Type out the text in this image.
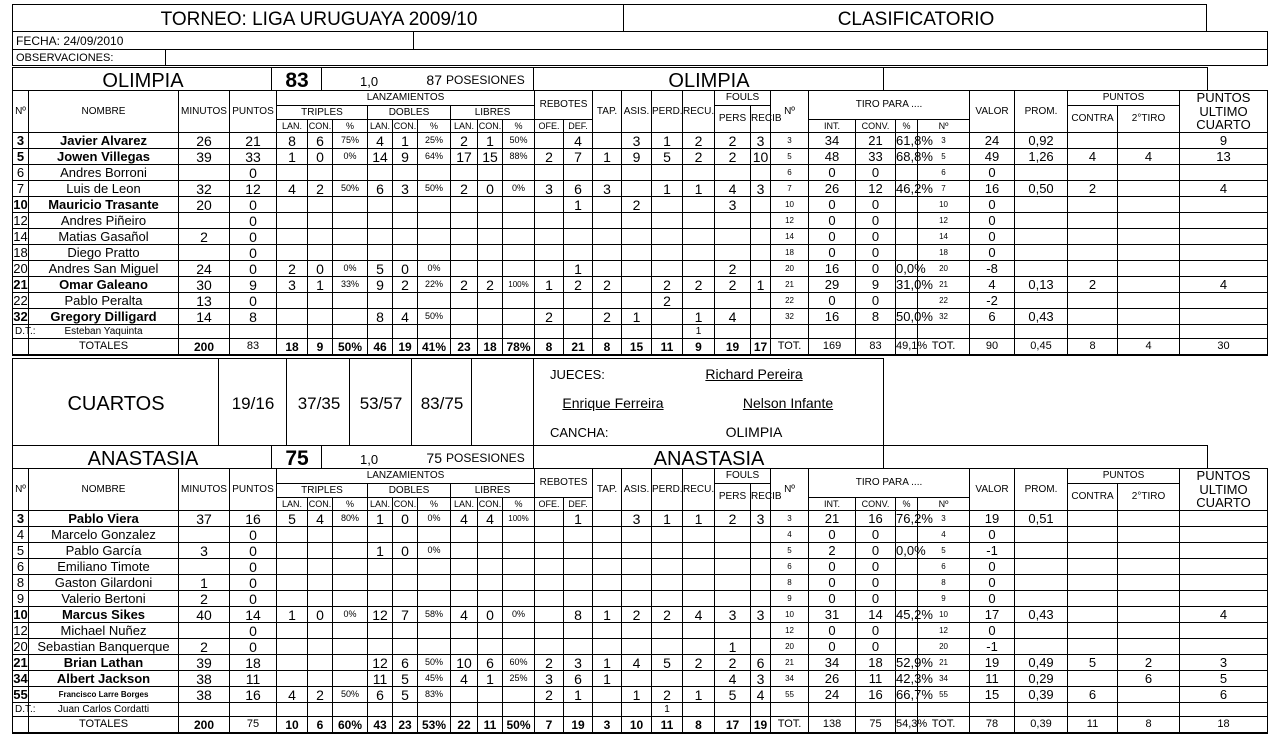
TORNEO: LIGA URUGUAYA 2009/10	CLASIFICATORIO
FECHA: 24/09/2010
OBSERVACIONES:
OLIMPIA	83	1,0	87 POSESIONES	OLIMPIA
Nº	NOMBRE	MINUTOS	PUNTOS	LANZAMIENTOS									REBOTES		TAP.	ASIS.	PERD.	RECU.	FOULS		Nº	TIRO PARA ....				VALOR	PROM.	PUNTOS		PUNTOS
ULTIMO
CUARTO
				TRIPLES			DOBLES			LIBRES									PERS	RECIB								CONTRA	2°TIRO	
				LAN.	CON.	%	LAN.	CON.	%	LAN.	CON.	%	OFE.	DEF.								INT.	CONV.	%	Nº					
3	Javier Alvarez	26	21	8	6	75%	4	1	25%	2	1	50%		4		3	1	2	2	3	3	34	21	61,8%	3	24	0,92			9
5	Jowen Villegas	39	33	1	0	0%	14	9	64%	17	15	88%	2	7	1	9	5	2	2	10	5	48	33	68,8%	5	49	1,26	4	4	13
6	Andres Borroni		0																		6	0	0		6	0				
7	Luis de Leon	32	12	4	2	50%	6	3	50%	2	0	0%	3	6	3		1	1	4	3	7	26	12	46,2%	7	16	0,50	2		4
10	Mauricio Trasante	20	0											1		2			3		10	0	0		10	0				
12	Andres Piñeiro		0																		12	0	0		12	0				
14	Matias Gasañol	2	0																		14	0	0		14	0				
18	Diego Pratto		0																		18	0	0		18	0				
20	Andres San Miguel	24	0	2	0	0%	5	0	0%					1					2		20	16	0	0,0%	20	-8				
21	Omar Galeano	30	9	3	1	33%	9	2	22%	2	2	100%	1	2	2		2	2	2	1	21	29	9	31,0%	21	4	0,13	2		4
22	Pablo Peralta	13	0														2				22	0	0		22	-2				
32	Gregory Dilligard	14	8				8	4	50%				2		2	1		1	4		32	16	8	50,0%	32	6	0,43			
D.T.:	Esteban Yaquinta																	1												
	TOTALES	200	83	18	9	50%	46	19	41%	23	18	78%	8	21	8	15	11	9	19	17	TOT.	169	83	49,1%	TOT.	90	0,45	8	4	30
CUARTOS	19/16 37/35 53/57 83/75
JUECES:	Richard Pereira
Enrique Ferreira	Nelson Infante
CANCHA:	OLIMPIA
ANASTASIA	75	1,0	75 POSESIONES	ANASTASIA
Nº	NOMBRE	MINUTOS	PUNTOS	LANZAMIENTOS									REBOTES		TAP.	ASIS.	PERD.	RECU.	FOULS		Nº	TIRO PARA ....				VALOR	PROM.	PUNTOS		PUNTOS
ULTIMO
CUARTO
				TRIPLES			DOBLES			LIBRES									PERS	RECIB								CONTRA	2°TIRO	
				LAN.	CON.	%	LAN.	CON.	%	LAN.	CON.	%	OFE.	DEF.								INT.	CONV.	%	Nº					
3	Pablo Viera	37	16	5	4	80%	1	0	0%	4	4	100%		1		3	1	1	2	3	3	21	16	76,2%	3	19	0,51			
4	Marcelo Gonzalez		0																		4	0	0		4	0				
5	Pablo García	3	0				1	0	0%												5	2	0	0,0%	5	-1				
6	Emiliano Timote		0																		6	0	0		6	0				
8	Gaston Gilardoni	1	0																		8	0	0		8	0				
9	Valerio Bertoni	2	0																		9	0	0		9	0				
10	Marcus Sikes	40	14	1	0	0%	12	7	58%	4	0	0%		8	1	2	2	4	3	3	10	31	14	45,2%	10	17	0,43			4
12	Michael Nuñez		0																		12	0	0		12	0				
20	Sebastian Banquerque	2	0																1		20	0	0		20	-1				
21	Brian Lathan	39	18				12	6	50%	10	6	60%	2	3	1	4	5	2	2	6	21	34	18	52,9%	21	19	0,49	5	2	3
34	Albert Jackson	38	11				11	5	45%	4	1	25%	3	6	1				4	3	34	26	11	42,3%	34	11	0,29		6	5
55	Francisco Larre Borges	38	16	4	2	50%	6	5	83%				2	1		1	2	1	5	4	55	24	16	66,7%	55	15	0,39	6		6
D.T.:	Juan Carlos Cordatti																1													
	TOTALES	200	75	10	6	60%	43	23	53%	22	11	50%	7	19	3	10	11	8	17	19	TOT.	138	75	54,3%	TOT.	78	0,39	11	8	18
